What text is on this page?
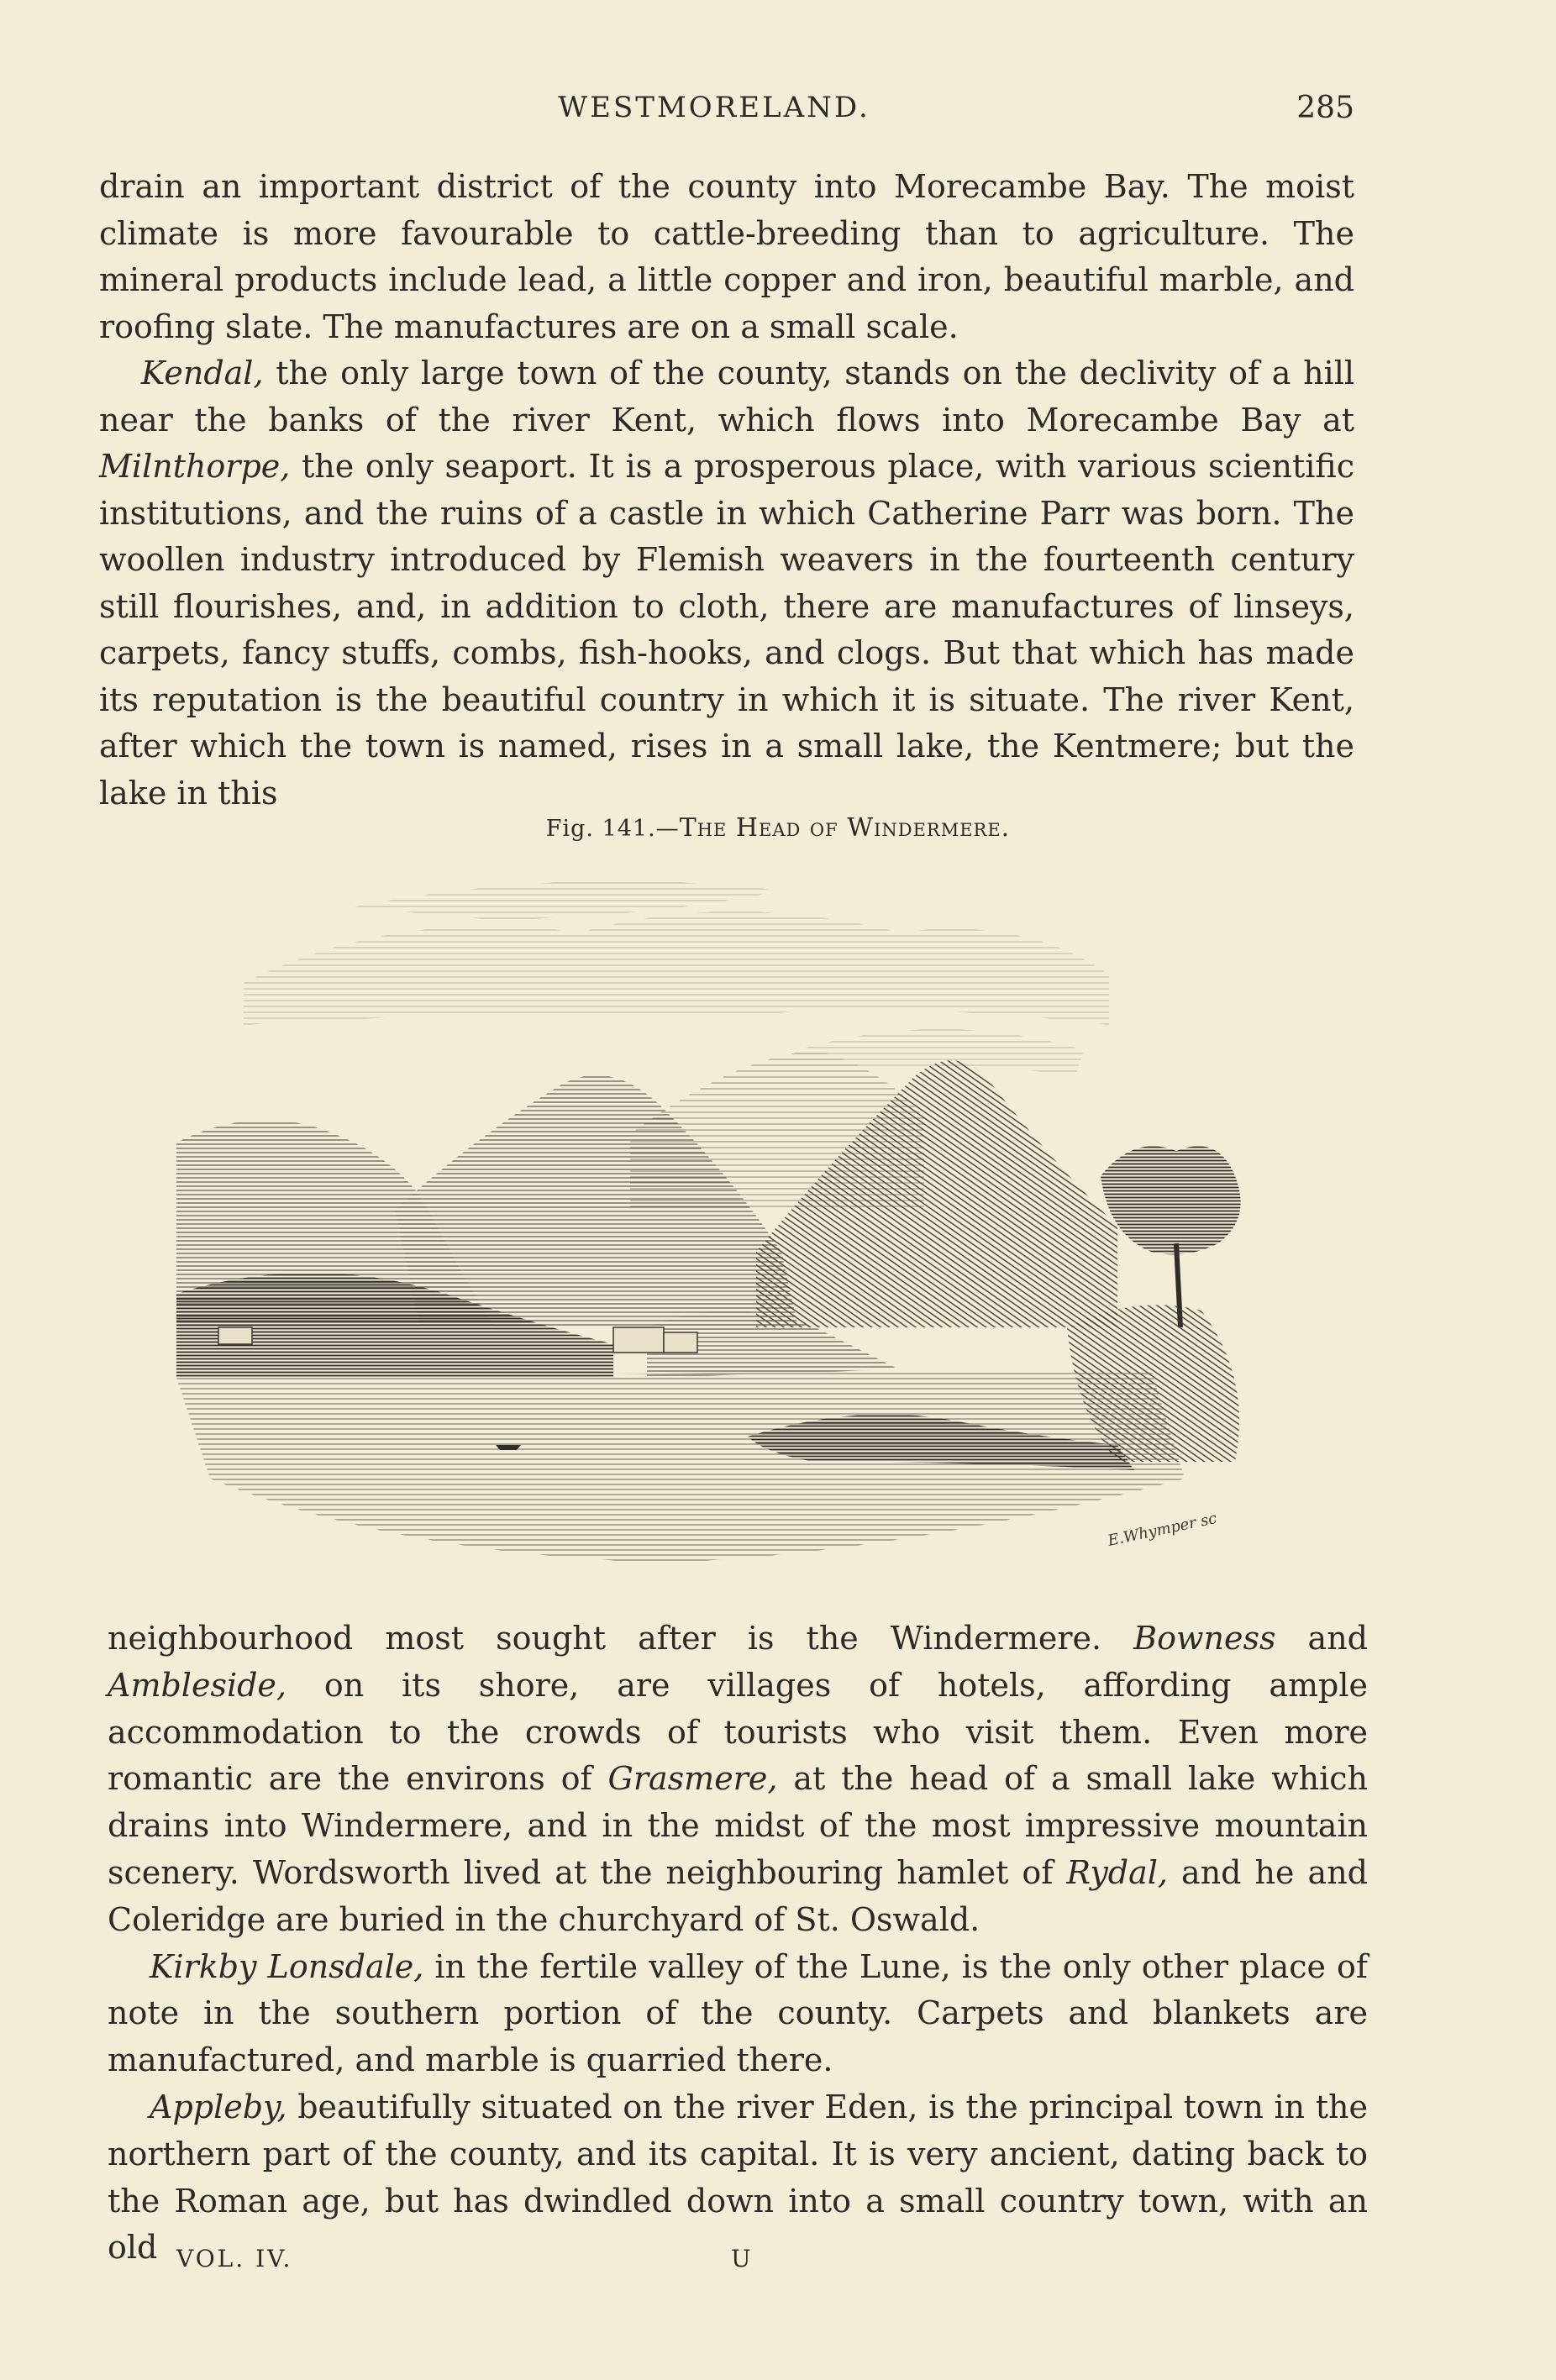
WESTMORELAND.	285

drain an important district of the county into Morecambe Bay. The moist climate is more favourable to cattle-breeding than to agriculture. The mineral products include lead, a little copper and iron, beautiful marble, and roofing slate. The manufactures are on a small scale.

Kendal, the only large town of the county, stands on the declivity of a hill near the banks of the river Kent, which flows into Morecambe Bay at Milnthorpe, the only seaport. It is a prosperous place, with various scientific institutions, and the ruins of a castle in which Catherine Parr was born. The woollen industry introduced by Flemish weavers in the fourteenth century still flourishes, and, in addition to cloth, there are manufactures of linseys, carpets, fancy stuffs, combs, fish-hooks, and clogs. But that which has made its reputation is the beautiful country in which it is situate. The river Kent, after which the town is named, rises in a small lake, the Kentmere; but the lake in this

Fig. 141.—The Head of Windermere.
E.Whymper sc

neighbourhood most sought after is the Windermere. Bowness and Ambleside, on its shore, are villages of hotels, affording ample accommodation to the crowds of tourists who visit them. Even more romantic are the environs of Grasmere, at the head of a small lake which drains into Windermere, and in the midst of the most impressive mountain scenery. Wordsworth lived at the neighbouring hamlet of Rydal, and he and Coleridge are buried in the churchyard of St. Oswald.

Kirkby Lonsdale, in the fertile valley of the Lune, is the only other place of note in the southern portion of the county. Carpets and blankets are manufactured, and marble is quarried there.

Appleby, beautifully situated on the river Eden, is the principal town in the northern part of the county, and its capital. It is very ancient, dating back to the Roman age, but has dwindled down into a small country town, with an old VOL. IV.	U
